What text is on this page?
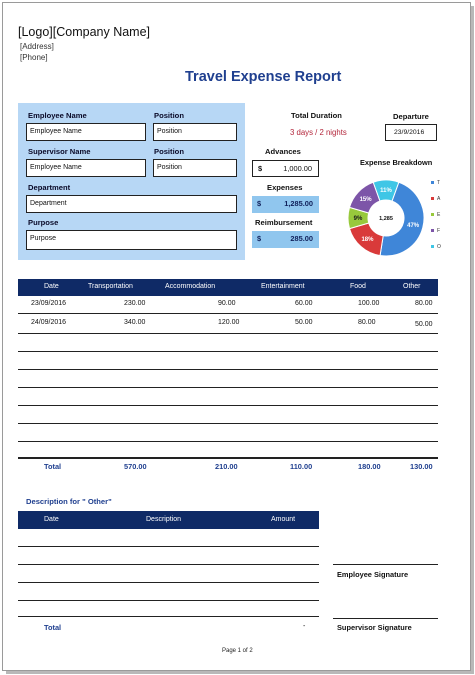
[Logo][Company Name]
[Address]
[Phone]
Travel Expense Report
Employee Name
Employee Name
Position
Position
Supervisor Name
Employee Name
Position
Position
Department
Department
Purpose
Purpose
Total Duration
3 days / 2 nights
Departure
23/9/2016
Advances
$	1,000.00
Expenses
$	1,285.00
Reimbursement
$	285.00
Expense Breakdown
11%
47%
18%
9%
15%
1,285
T
A
E
F
O
Date	Transportation	Accommodation	Entertainment	Food	Other
23/09/2016	230.00	90.00	60.00	100.00	80.00
24/09/2016	340.00	120.00	50.00	80.00	50.00
Total	570.00	210.00	110.00	180.00	130.00
Description for " Other"
Date	Description	Amount
Total	-
Employee Signature
Supervisor Signature
Page 1 of 2
